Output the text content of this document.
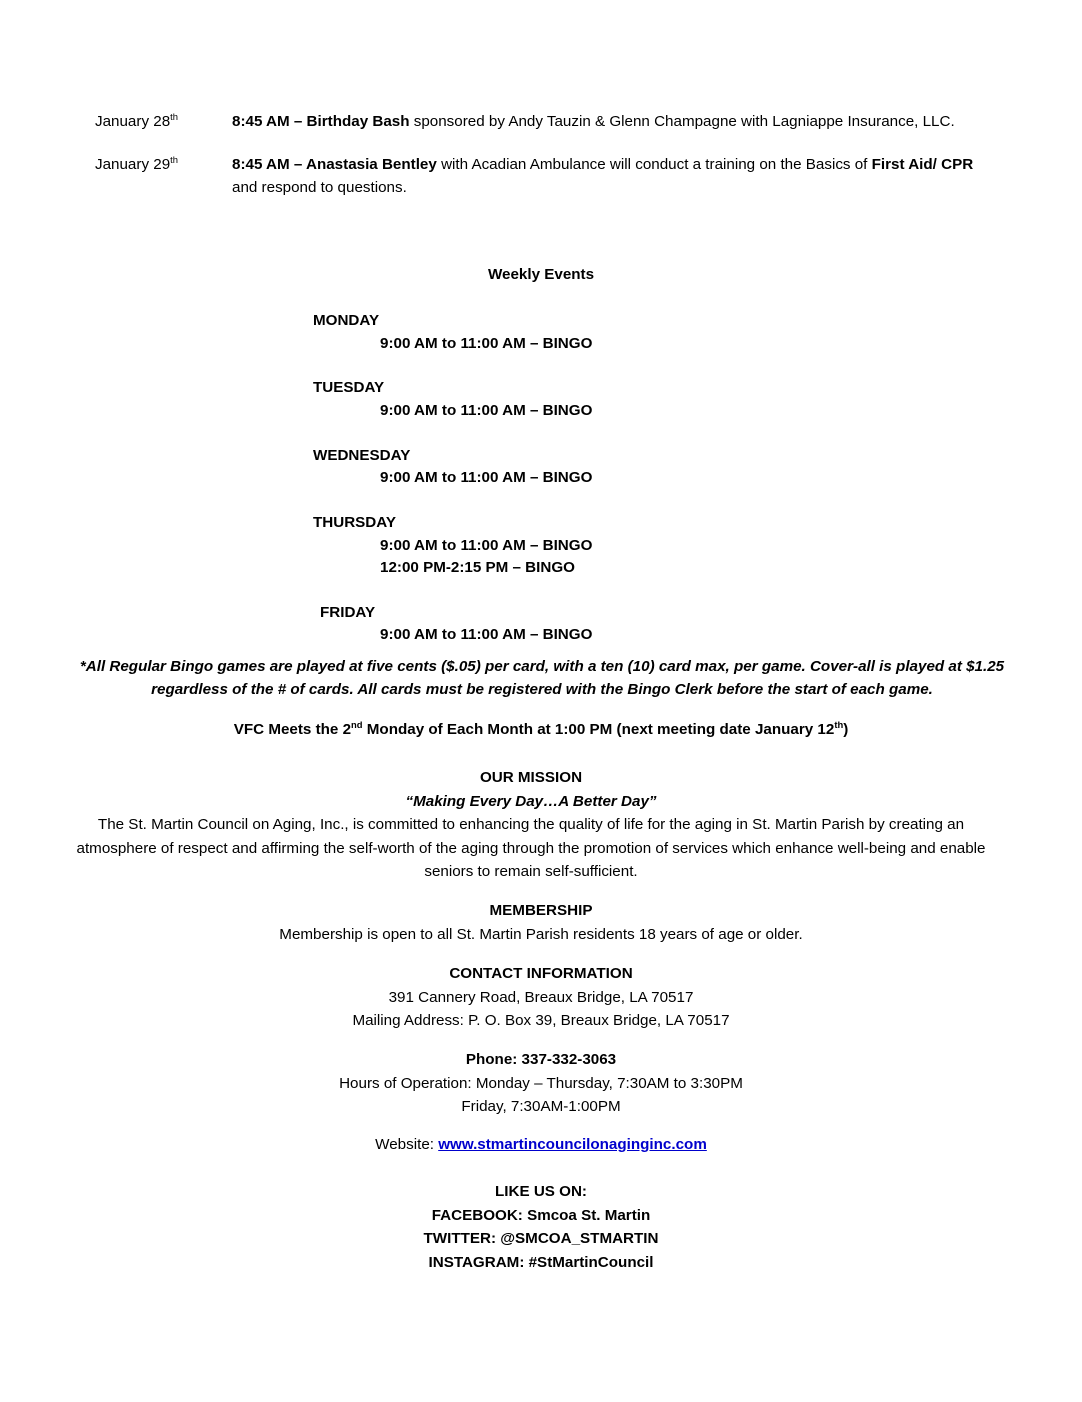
January 28th	8:45 AM – Birthday Bash sponsored by Andy Tauzin & Glenn Champagne with Lagniappe Insurance, LLC.
January 29th	8:45 AM – Anastasia Bentley with Acadian Ambulance will conduct a training on the Basics of First Aid/ CPR and respond to questions.
Weekly Events
MONDAY
9:00 AM to 11:00 AM – BINGO
TUESDAY
9:00 AM to 11:00 AM – BINGO
WEDNESDAY
9:00 AM to 11:00 AM – BINGO
THURSDAY
9:00 AM to 11:00 AM – BINGO
12:00 PM-2:15 PM – BINGO
FRIDAY
9:00 AM to 11:00 AM – BINGO
*All Regular Bingo games are played at five cents ($.05) per card, with a ten (10) card max, per game. Cover-all is played at $1.25 regardless of the # of cards. All cards must be registered with the Bingo Clerk before the start of each game.
VFC Meets the 2nd Monday of Each Month at 1:00 PM (next meeting date January 12th)
OUR MISSION
“Making Every Day…A Better Day”
The St. Martin Council on Aging, Inc., is committed to enhancing the quality of life for the aging in St. Martin Parish by creating an atmosphere of respect and affirming the self-worth of the aging through the promotion of services which enhance well-being and enable seniors to remain self-sufficient.
MEMBERSHIP
Membership is open to all St. Martin Parish residents 18 years of age or older.
CONTACT INFORMATION
391 Cannery Road, Breaux Bridge, LA 70517
Mailing Address: P. O. Box 39, Breaux Bridge, LA 70517
Phone: 337-332-3063
Hours of Operation: Monday – Thursday, 7:30AM to 3:30PM
Friday, 7:30AM-1:00PM
Website: www.stmartincouncilonaginginc.com
LIKE US ON:
FACEBOOK: Smcoa St. Martin
TWITTER: @SMCOA_STMARTIN
INSTAGRAM: #StMartinCouncil
